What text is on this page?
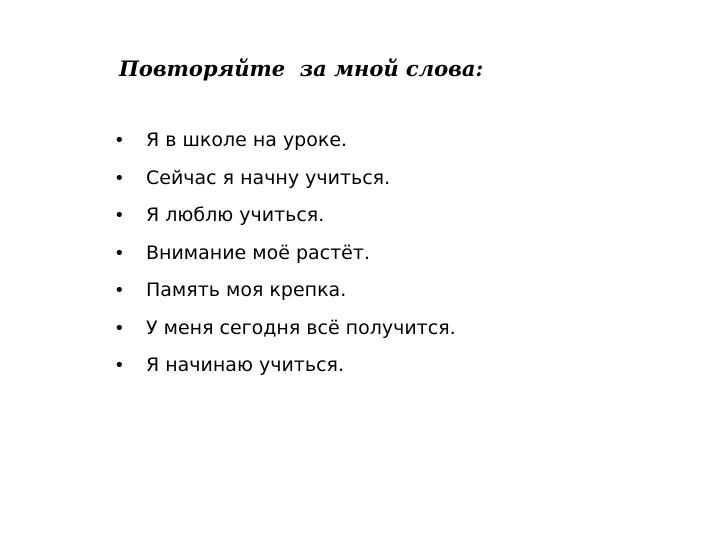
Повторяйте  за мной слова:
•	Я в школе на уроке.
•	Сейчас я начну учиться.
•	Я люблю учиться.
•	Внимание моё растёт.
•	Память моя крепка.
•	У меня сегодня всё получится.
•	Я начинаю учиться.
